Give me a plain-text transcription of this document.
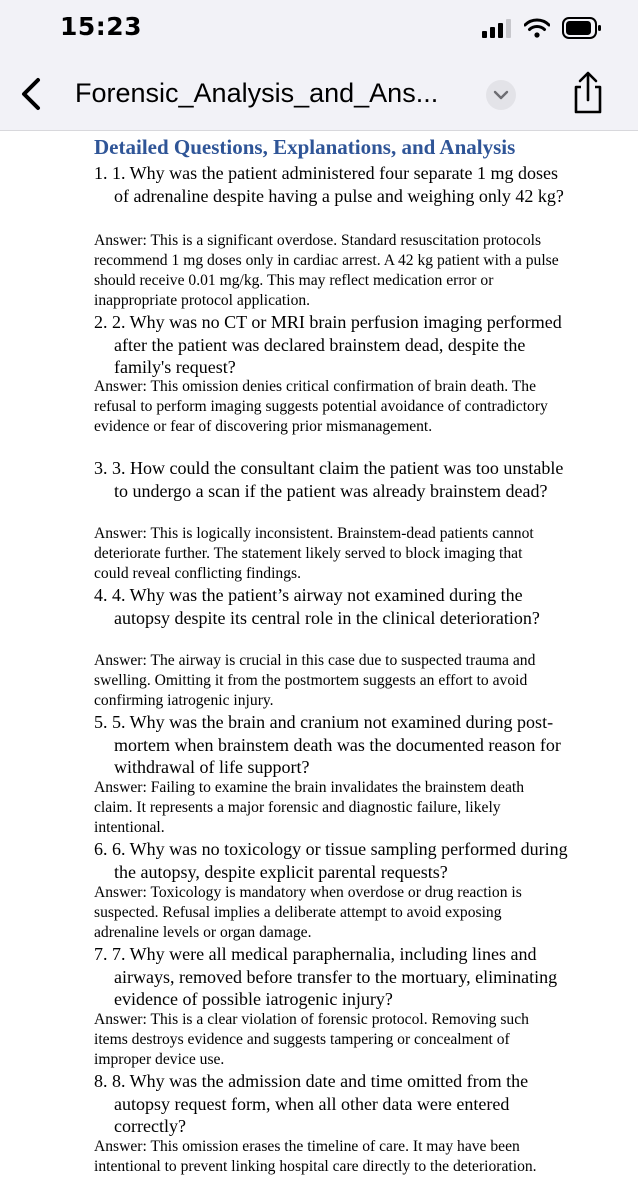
15:23
Forensic_Analysis_and_Ans...
Detailed Questions, Explanations, and Analysis
1. 1. Why was the patient administered four separate 1 mg doses of adrenaline despite having a pulse and weighing only 42 kg?
Answer: This is a significant overdose. Standard resuscitation protocols recommend 1 mg doses only in cardiac arrest. A 42 kg patient with a pulse should receive 0.01 mg/kg. This may reflect medication error or inappropriate protocol application.
2. 2. Why was no CT or MRI brain perfusion imaging performed after the patient was declared brainstem dead, despite the family's request?
Answer: This omission denies critical confirmation of brain death. The refusal to perform imaging suggests potential avoidance of contradictory evidence or fear of discovering prior mismanagement.
3. 3. How could the consultant claim the patient was too unstable to undergo a scan if the patient was already brainstem dead?
Answer: This is logically inconsistent. Brainstem-dead patients cannot deteriorate further. The statement likely served to block imaging that could reveal conflicting findings.
4. 4. Why was the patient’s airway not examined during the autopsy despite its central role in the clinical deterioration?
Answer: The airway is crucial in this case due to suspected trauma and swelling. Omitting it from the postmortem suggests an effort to avoid confirming iatrogenic injury.
5. 5. Why was the brain and cranium not examined during post-mortem when brainstem death was the documented reason for withdrawal of life support?
Answer: Failing to examine the brain invalidates the brainstem death claim. It represents a major forensic and diagnostic failure, likely intentional.
6. 6. Why was no toxicology or tissue sampling performed during the autopsy, despite explicit parental requests?
Answer: Toxicology is mandatory when overdose or drug reaction is suspected. Refusal implies a deliberate attempt to avoid exposing adrenaline levels or organ damage.
7. 7. Why were all medical paraphernalia, including lines and airways, removed before transfer to the mortuary, eliminating evidence of possible iatrogenic injury?
Answer: This is a clear violation of forensic protocol. Removing such items destroys evidence and suggests tampering or concealment of improper device use.
8. 8. Why was the admission date and time omitted from the autopsy request form, when all other data were entered correctly?
Answer: This omission erases the timeline of care. It may have been intentional to prevent linking hospital care directly to the deterioration.
